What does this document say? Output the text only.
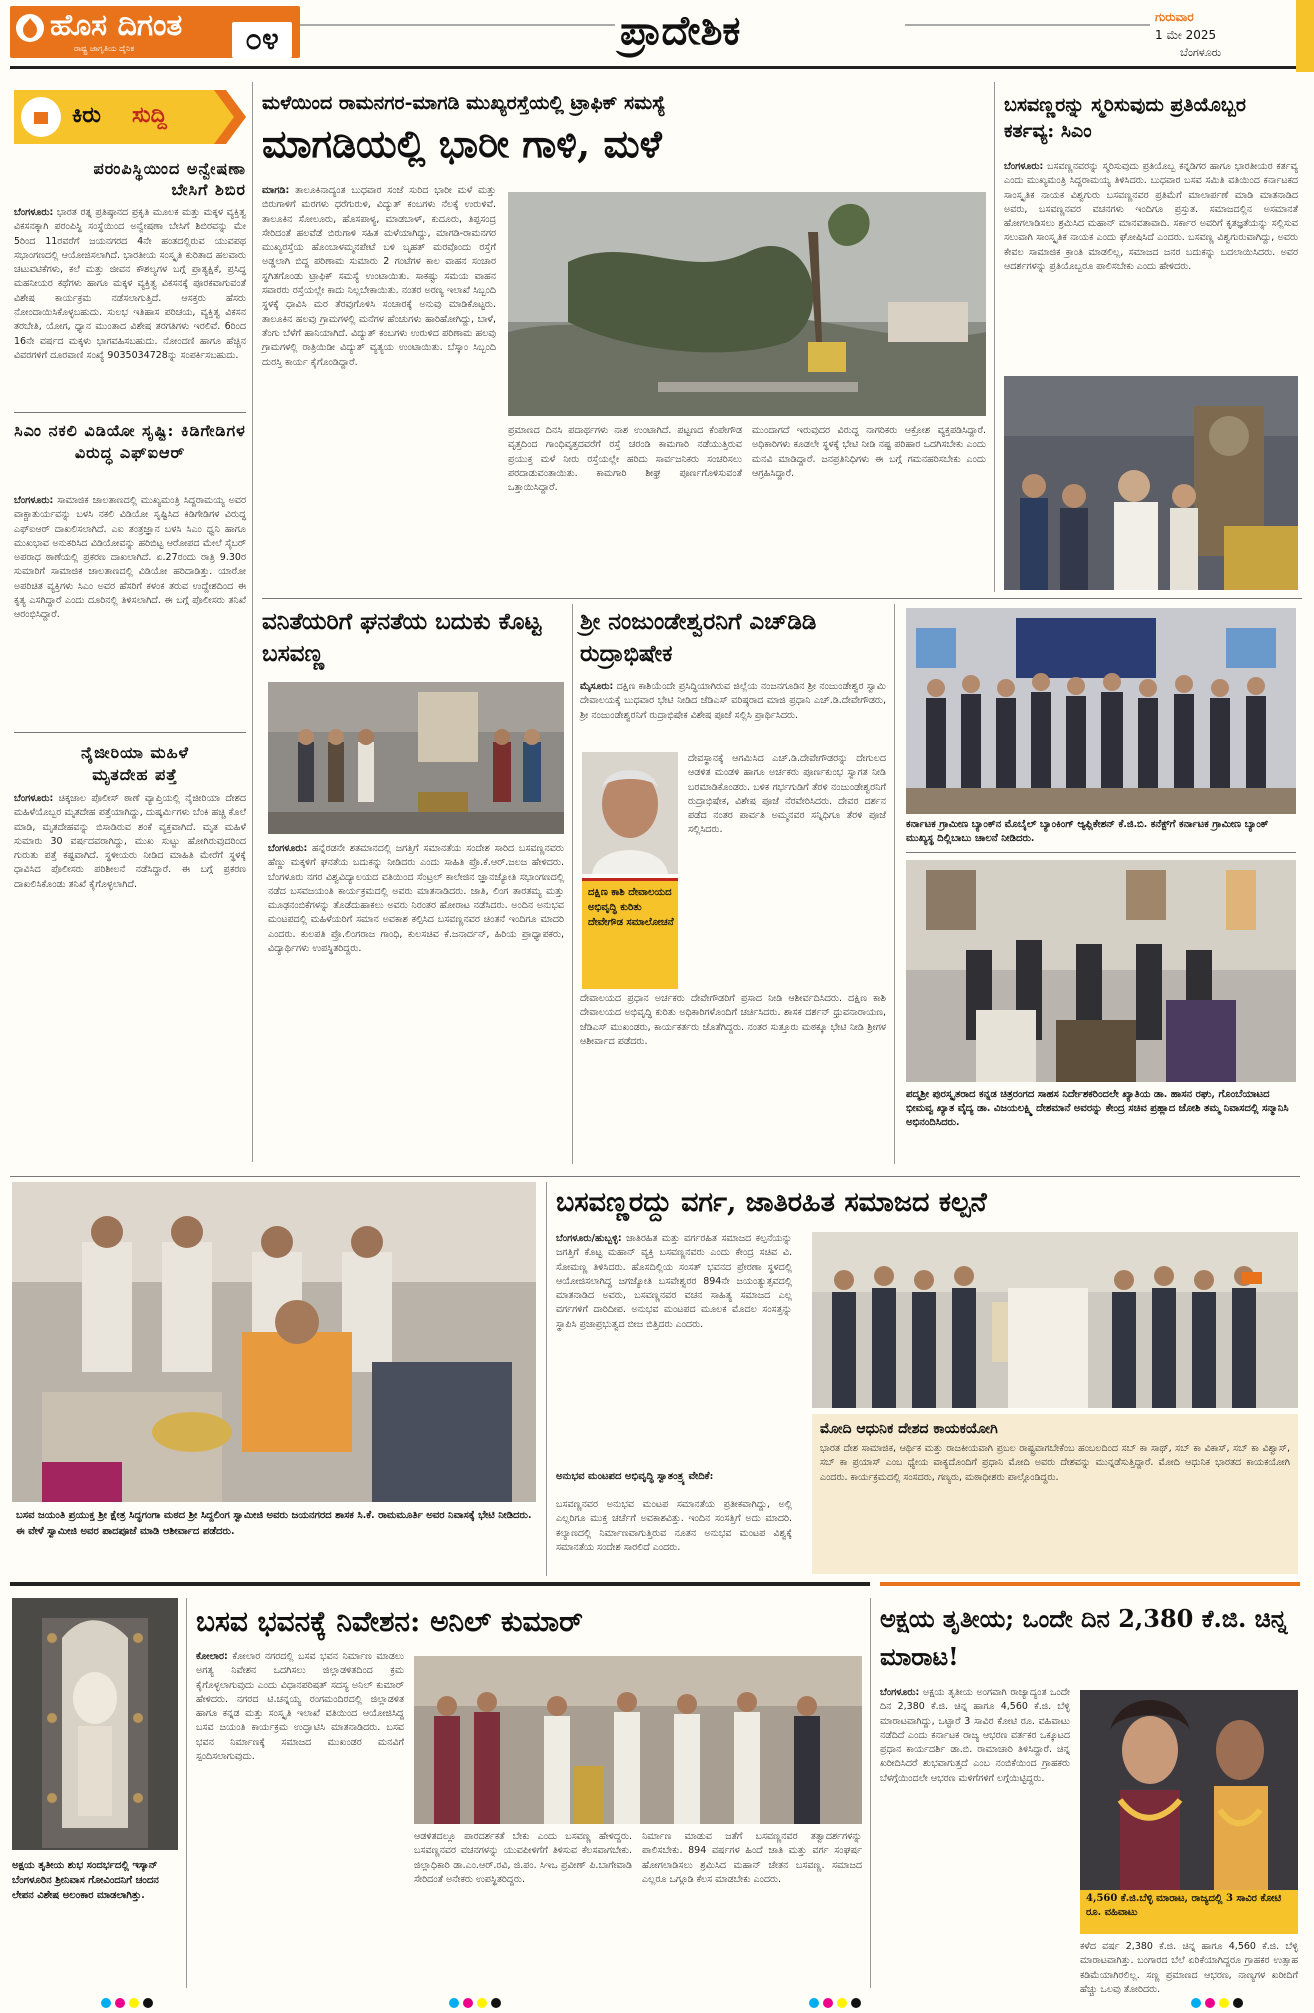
ಹೊಸ ದಿಗಂತ
ರಾಷ್ಟ್ರ ಜಾಗೃತಿಯ ದೈನಿಕ	೦೪	ಪ್ರಾದೇಶಿಕ	ಗುರುವಾರ
1 ಮೇ 2025
ಬೆಂಗಳೂರು
ಕಿರು ಸುದ್ದಿ
ಪರಂಪಿಸ್ಥಿಯಿಂದ ಅನ್ವೇಷಣಾ ಬೇಸಿಗೆ ಶಿಬಿರ
ಬೆಂಗಳೂರು: ಭಾರತ ರತ್ನ ಪ್ರತಿಷ್ಠಾನದ ಪ್ರಕೃತಿ ಮೂಲಕ ಮತ್ತು ಮಕ್ಕಳ ವ್ಯಕ್ತಿತ್ವ ವಿಕಸನಕ್ಕಾಗಿ ಪರಂಪಿಸ್ಥಿ ಸಂಸ್ಥೆಯಿಂದ ಅನ್ವೇಷಣಾ ಬೇಸಿಗೆ ಶಿಬಿರವನ್ನು ಮೇ 5ರಿಂದ 11ರವರೆಗೆ ಜಯನಗರದ 4ನೇ ಹಂತದಲ್ಲಿರುವ ಯುವಪಥ ಸಭಾಂಗಣದಲ್ಲಿ ಆಯೋಜಿಸಲಾಗಿದೆ. ಭಾರತೀಯ ಸಂಸ್ಕೃತಿ ಕುರಿತಾದ ಹಲವಾರು ಚಟುವಟಿಕೆಗಳು, ಕಲೆ ಮತ್ತು ಜೀವನ ಕೌಶಲ್ಯಗಳ ಬಗ್ಗೆ ಪ್ರಾತ್ಯಕ್ಷಿಕೆ, ಪ್ರಸಿದ್ಧ ಮಹನೀಯರ ಕಥೆಗಳು ಹಾಗೂ ಮಕ್ಕಳ ವ್ಯಕ್ತಿತ್ವ ವಿಕಸನಕ್ಕೆ ಪೂರಕವಾಗುವಂತೆ ವಿಶೇಷ ಕಾರ್ಯಕ್ರಮ ನಡೆಸಲಾಗುತ್ತಿದೆ. ಆಸಕ್ತರು ಹೆಸರು ನೋಂದಾಯಿಸಿಕೊಳ್ಳಬಹುದು. ಸುಲಭ ಇತಿಹಾಸ ಪರಿಚಯ, ವ್ಯಕ್ತಿತ್ವ ವಿಕಸನ ತರಬೇತಿ, ಯೋಗ, ಧ್ಯಾನ ಮುಂತಾದ ವಿಶೇಷ ತರಗತಿಗಳು ಇರಲಿವೆ. 6ರಿಂದ 16ನೇ ವರ್ಷದ ಮಕ್ಕಳು ಭಾಗವಹಿಸಬಹುದು. ನೋಂದಣಿ ಹಾಗೂ ಹೆಚ್ಚಿನ ವಿವರಗಳಿಗೆ ದೂರವಾಣಿ ಸಂಖ್ಯೆ 9035034728ನ್ನು ಸಂಪರ್ಕಿಸಬಹುದು.
ಸಿಎಂ ನಕಲಿ ವಿಡಿಯೋ ಸೃಷ್ಟಿ: ಕಿಡಿಗೇಡಿಗಳ ವಿರುದ್ಧ ಎಫ್‌ಐಆರ್
ಬೆಂಗಳೂರು: ಸಾಮಾಜಿಕ ಜಾಲತಾಣದಲ್ಲಿ ಮುಖ್ಯಮಂತ್ರಿ ಸಿದ್ದರಾಮಯ್ಯ ಅವರ ವಾಕ್ಚಾತುರ್ಯವನ್ನು ಬಳಸಿ ನಕಲಿ ವಿಡಿಯೋ ಸೃಷ್ಟಿಸಿದ ಕಿಡಿಗೇಡಿಗಳ ವಿರುದ್ಧ ಎಫ್‌ಐಆರ್ ದಾಖಲಿಸಲಾಗಿದೆ. ಎಐ ತಂತ್ರಜ್ಞಾನ ಬಳಸಿ ಸಿಎಂ ಧ್ವನಿ ಹಾಗೂ ಮುಖಭಾವ ಅನುಕರಿಸಿದ ವಿಡಿಯೋವನ್ನು ಹರಿಬಿಟ್ಟ ಆರೋಪದ ಮೇಲೆ ಸೈಬರ್ ಅಪರಾಧ ಠಾಣೆಯಲ್ಲಿ ಪ್ರಕರಣ ದಾಖಲಾಗಿದೆ. ಏ.27ರಂದು ರಾತ್ರಿ 9.30ರ ಸುಮಾರಿಗೆ ಸಾಮಾಜಿಕ ಜಾಲತಾಣದಲ್ಲಿ ವಿಡಿಯೋ ಹರಿದಾಡಿತ್ತು. ಯಾರೋ ಅಪರಿಚಿತ ವ್ಯಕ್ತಿಗಳು ಸಿಎಂ ಅವರ ಹೆಸರಿಗೆ ಕಳಂಕ ತರುವ ಉದ್ದೇಶದಿಂದ ಈ ಕೃತ್ಯ ಎಸಗಿದ್ದಾರೆ ಎಂದು ದೂರಿನಲ್ಲಿ ತಿಳಿಸಲಾಗಿದೆ. ಈ ಬಗ್ಗೆ ಪೊಲೀಸರು ತನಿಖೆ ಆರಂಭಿಸಿದ್ದಾರೆ.
ನೈಜೀರಿಯಾ ಮಹಿಳೆ ಮೃತದೇಹ ಪತ್ತೆ
ಬೆಂಗಳೂರು: ಚಿಕ್ಕಜಾಲ ಪೊಲೀಸ್ ಠಾಣೆ ವ್ಯಾಪ್ತಿಯಲ್ಲಿ ನೈಜೀರಿಯಾ ದೇಶದ ಮಹಿಳೆಯೊಬ್ಬರ ಮೃತದೇಹ ಪತ್ತೆಯಾಗಿದ್ದು, ದುಷ್ಕರ್ಮಿಗಳು ಬೆಂಕಿ ಹಚ್ಚಿ ಕೊಲೆ ಮಾಡಿ, ಮೃತದೇಹವನ್ನು ಬಿಸಾಡಿರುವ ಶಂಕೆ ವ್ಯಕ್ತವಾಗಿದೆ. ಮೃತ ಮಹಿಳೆ ಸುಮಾರು 30 ವರ್ಷದವರಾಗಿದ್ದು, ಮುಖ ಸುಟ್ಟು ಹೋಗಿರುವುದರಿಂದ ಗುರುತು ಪತ್ತೆ ಕಷ್ಟವಾಗಿದೆ. ಸ್ಥಳೀಯರು ನೀಡಿದ ಮಾಹಿತಿ ಮೇರೆಗೆ ಸ್ಥಳಕ್ಕೆ ಧಾವಿಸಿದ ಪೊಲೀಸರು ಪರಿಶೀಲನೆ ನಡೆಸಿದ್ದಾರೆ. ಈ ಬಗ್ಗೆ ಪ್ರಕರಣ ದಾಖಲಿಸಿಕೊಂಡು ತನಿಖೆ ಕೈಗೊಳ್ಳಲಾಗಿದೆ.
ಮಳೆಯಿಂದ ರಾಮನಗರ-ಮಾಗಡಿ ಮುಖ್ಯರಸ್ತೆಯಲ್ಲಿ ಟ್ರಾಫಿಕ್ ಸಮಸ್ಯೆ
ಮಾಗಡಿಯಲ್ಲಿ ಭಾರೀ ಗಾಳಿ, ಮಳೆ
ಮಾಗಡಿ: ತಾಲೂಕಿನಾದ್ಯಂತ ಬುಧವಾರ ಸಂಜೆ ಸುರಿದ ಭಾರೀ ಮಳೆ ಮತ್ತು ಬಿರುಗಾಳಿಗೆ ಮರಗಳು ಧರೆಗುರುಳಿ, ವಿದ್ಯುತ್ ಕಂಬಗಳು ನೆಲಕ್ಕೆ ಉರುಳಿವೆ. ತಾಲೂಕಿನ ಸೋಲೂರು, ಹೊಸಪಾಳ್ಯ, ಮಾಡಬಾಳ್, ಕುದೂರು, ತಿಪ್ಪಸಂದ್ರ ಸೇರಿದಂತೆ ಹಲವೆಡೆ ಬಿರುಗಾಳಿ ಸಹಿತ ಮಳೆಯಾಗಿದ್ದು, ಮಾಗಡಿ-ರಾಮನಗರ ಮುಖ್ಯರಸ್ತೆಯ ಹೊಂಬಾಳಮ್ಮನಪೇಟೆ ಬಳಿ ಬೃಹತ್ ಮರವೊಂದು ರಸ್ತೆಗೆ ಅಡ್ಡಲಾಗಿ ಬಿದ್ದ ಪರಿಣಾಮ ಸುಮಾರು 2 ಗಂಟೆಗಳ ಕಾಲ ವಾಹನ ಸಂಚಾರ ಸ್ಥಗಿತಗೊಂಡು ಟ್ರಾಫಿಕ್ ಸಮಸ್ಯೆ ಉಂಟಾಯಿತು. ಸಾಕಷ್ಟು ಸಮಯ ವಾಹನ ಸವಾರರು ರಸ್ತೆಯಲ್ಲೇ ಕಾದು ನಿಲ್ಲಬೇಕಾಯಿತು. ನಂತರ ಅರಣ್ಯ ಇಲಾಖೆ ಸಿಬ್ಬಂದಿ ಸ್ಥಳಕ್ಕೆ ಧಾವಿಸಿ ಮರ ತೆರವುಗೊಳಿಸಿ ಸಂಚಾರಕ್ಕೆ ಅನುವು ಮಾಡಿಕೊಟ್ಟರು. ತಾಲೂಕಿನ ಹಲವು ಗ್ರಾಮಗಳಲ್ಲಿ ಮನೆಗಳ ಹೆಂಚುಗಳು ಹಾರಿಹೋಗಿದ್ದು, ಬಾಳೆ, ತೆಂಗು ಬೆಳೆಗೆ ಹಾನಿಯಾಗಿದೆ. ವಿದ್ಯುತ್ ಕಂಬಗಳು ಉರುಳಿದ ಪರಿಣಾಮ ಹಲವು ಗ್ರಾಮಗಳಲ್ಲಿ ರಾತ್ರಿಯಿಡೀ ವಿದ್ಯುತ್ ವ್ಯತ್ಯಯ ಉಂಟಾಯಿತು. ಬೆಸ್ಕಾಂ ಸಿಬ್ಬಂದಿ ದುರಸ್ತಿ ಕಾರ್ಯ ಕೈಗೊಂಡಿದ್ದಾರೆ.
ಪ್ರಮಾಣದ ದಿನಸಿ ಪದಾರ್ಥಗಳು ನಾಶ ಉಂಟಾಗಿದೆ. ಪಟ್ಟಣದ ಕೆಂಪೇಗೌಡ ವೃತ್ತದಿಂದ ಗಾಂಧಿವೃತ್ತದವರೆಗೆ ರಸ್ತೆ ಚರಂಡಿ ಕಾಮಗಾರಿ ನಡೆಯುತ್ತಿರುವ ಪ್ರಯುಕ್ತ ಮಳೆ ನೀರು ರಸ್ತೆಯಲ್ಲೇ ಹರಿದು ಸಾರ್ವಜನಿಕರು ಸಂಚರಿಸಲು ಪರದಾಡುವಂತಾಯಿತು. ಕಾಮಗಾರಿ ಶೀಘ್ರ ಪೂರ್ಣಗೊಳಿಸುವಂತೆ ಒತ್ತಾಯಿಸಿದ್ದಾರೆ.
ಮುಂದಾಗದೆ ಇರುವುದರ ವಿರುದ್ಧ ನಾಗರಿಕರು ಆಕ್ರೋಶ ವ್ಯಕ್ತಪಡಿಸಿದ್ದಾರೆ. ಅಧಿಕಾರಿಗಳು ಕೂಡಲೇ ಸ್ಥಳಕ್ಕೆ ಭೇಟಿ ನೀಡಿ ನಷ್ಟ ಪರಿಹಾರ ಒದಗಿಸಬೇಕು ಎಂದು ಮನವಿ ಮಾಡಿದ್ದಾರೆ. ಜನಪ್ರತಿನಿಧಿಗಳು ಈ ಬಗ್ಗೆ ಗಮನಹರಿಸಬೇಕು ಎಂದು ಆಗ್ರಹಿಸಿದ್ದಾರೆ.
ಬಸವಣ್ಣರನ್ನು ಸ್ಮರಿಸುವುದು ಪ್ರತಿಯೊಬ್ಬರ ಕರ್ತವ್ಯ: ಸಿಎಂ
ಬೆಂಗಳೂರು: ಬಸವಣ್ಣನವರನ್ನು ಸ್ಮರಿಸುವುದು ಪ್ರತಿಯೊಬ್ಬ ಕನ್ನಡಿಗರ ಹಾಗೂ ಭಾರತೀಯರ ಕರ್ತವ್ಯ ಎಂದು ಮುಖ್ಯಮಂತ್ರಿ ಸಿದ್ದರಾಮಯ್ಯ ತಿಳಿಸಿದರು. ಬುಧವಾರ ಬಸವ ಸಮಿತಿ ವತಿಯಿಂದ ಕರ್ನಾಟಕದ ಸಾಂಸ್ಕೃತಿಕ ನಾಯಕ ವಿಶ್ವಗುರು ಬಸವಣ್ಣನವರ ಪ್ರತಿಮೆಗೆ ಮಾಲಾರ್ಪಣೆ ಮಾಡಿ ಮಾತನಾಡಿದ ಅವರು, ಬಸವಣ್ಣನವರ ವಚನಗಳು ಇಂದಿಗೂ ಪ್ರಸ್ತುತ. ಸಮಾಜದಲ್ಲಿನ ಅಸಮಾನತೆ ಹೋಗಲಾಡಿಸಲು ಶ್ರಮಿಸಿದ ಮಹಾನ್ ಮಾನವತಾವಾದಿ. ಸರ್ಕಾರ ಅವರಿಗೆ ಕೃತಜ್ಞತೆಯನ್ನು ಸಲ್ಲಿಸುವ ಸಲುವಾಗಿ ಸಾಂಸ್ಕೃತಿಕ ನಾಯಕ ಎಂದು ಘೋಷಿಸಿದೆ ಎಂದರು. ಬಸವಣ್ಣ ವಿಶ್ವಗುರುವಾಗಿದ್ದು, ಅವರು ಕೇವಲ ಸಾಮಾಜಿಕ ಕ್ರಾಂತಿ ಮಾಡಲಿಲ್ಲ, ಸಮಾಜದ ಜನರ ಬದುಕನ್ನು ಬದಲಾಯಿಸಿದರು. ಅವರ ಆದರ್ಶಗಳನ್ನು ಪ್ರತಿಯೊಬ್ಬರೂ ಪಾಲಿಸಬೇಕು ಎಂದು ಹೇಳಿದರು.
ವನಿತೆಯರಿಗೆ ಘನತೆಯ ಬದುಕು ಕೊಟ್ಟ ಬಸವಣ್ಣ
ಬೆಂಗಳೂರು: ಹನ್ನೆರಡನೇ ಶತಮಾನದಲ್ಲಿ ಜಗತ್ತಿಗೆ ಸಮಾನತೆಯ ಸಂದೇಶ ಸಾರಿದ ಬಸವಣ್ಣನವರು ಹೆಣ್ಣು ಮಕ್ಕಳಿಗೆ ಘನತೆಯ ಬದುಕನ್ನು ನೀಡಿದರು ಎಂದು ಸಾಹಿತಿ ಪ್ರೊ.ಕೆ.ಆರ್.ಜಲಜ ಹೇಳಿದರು. ಬೆಂಗಳೂರು ನಗರ ವಿಶ್ವವಿದ್ಯಾಲಯದ ವತಿಯಿಂದ ಸೆಂಟ್ರಲ್ ಕಾಲೇಜಿನ ಜ್ಞಾನಜ್ಯೋತಿ ಸಭಾಂಗಣದಲ್ಲಿ ನಡೆದ ಬಸವಜಯಂತಿ ಕಾರ್ಯಕ್ರಮದಲ್ಲಿ ಅವರು ಮಾತನಾಡಿದರು. ಜಾತಿ, ಲಿಂಗ ತಾರತಮ್ಯ ಮತ್ತು ಮೂಢನಂಬಿಕೆಗಳನ್ನು ತೊಡೆದುಹಾಕಲು ಅವರು ನಿರಂತರ ಹೋರಾಟ ನಡೆಸಿದರು. ಅಂದಿನ ಅನುಭವ ಮಂಟಪದಲ್ಲಿ ಮಹಿಳೆಯರಿಗೆ ಸಮಾನ ಅವಕಾಶ ಕಲ್ಪಿಸಿದ ಬಸವಣ್ಣನವರ ಚಿಂತನೆ ಇಂದಿಗೂ ಮಾದರಿ ಎಂದರು. ಕುಲಪತಿ ಪ್ರೊ.ಲಿಂಗರಾಜ ಗಾಂಧಿ, ಕುಲಸಚಿವ ಕೆ.ಜನಾರ್ದನ್, ಹಿರಿಯ ಪ್ರಾಧ್ಯಾಪಕರು, ವಿದ್ಯಾರ್ಥಿಗಳು ಉಪಸ್ಥಿತರಿದ್ದರು.
ಶ್ರೀ ನಂಜುಂಡೇಶ್ವರನಿಗೆ ಎಚ್‌ಡಿಡಿ ರುದ್ರಾಭಿಷೇಕ
ಮೈಸೂರು: ದಕ್ಷಿಣ ಕಾಶಿಯೆಂದೇ ಪ್ರಸಿದ್ಧಿಯಾಗಿರುವ ಜಿಲ್ಲೆಯ ನಂಜನಗೂಡಿನ ಶ್ರೀ ನಂಜುಂಡೇಶ್ವರ ಸ್ವಾಮಿ ದೇವಾಲಯಕ್ಕೆ ಬುಧವಾರ ಭೇಟಿ ನೀಡಿದ ಜೆಡಿಎಸ್ ವರಿಷ್ಠರಾದ ಮಾಜಿ ಪ್ರಧಾನಿ ಎಚ್.ಡಿ.ದೇವೇಗೌಡರು, ಶ್ರೀ ನಂಜುಂಡೇಶ್ವರನಿಗೆ ರುದ್ರಾಭಿಷೇಕ ವಿಶೇಷ ಪೂಜೆ ಸಲ್ಲಿಸಿ ಪ್ರಾರ್ಥಿಸಿದರು.
ದಕ್ಷಿಣ ಕಾಶಿ ದೇವಾಲಯದ ಅಭಿವೃದ್ಧಿ ಕುರಿತು ದೇವೇಗೌಡ ಸಮಾಲೋಚನೆ
ದೇವಸ್ಥಾನಕ್ಕೆ ಆಗಮಿಸಿದ ಎಚ್.ಡಿ.ದೇವೇಗೌಡರನ್ನು ದೇಗುಲದ ಆಡಳಿತ ಮಂಡಳಿ ಹಾಗೂ ಅರ್ಚಕರು ಪೂರ್ಣಕುಂಭ ಸ್ವಾಗತ ನೀಡಿ ಬರಮಾಡಿಕೊಂಡರು. ಬಳಿಕ ಗರ್ಭಗುಡಿಗೆ ತೆರಳಿ ನಂಜುಂಡೇಶ್ವರನಿಗೆ ರುದ್ರಾಭಿಷೇಕ, ವಿಶೇಷ ಪೂಜೆ ನೆರವೇರಿಸಿದರು. ದೇವರ ದರ್ಶನ ಪಡೆದ ನಂತರ ಪಾರ್ವತಿ ಅಮ್ಮನವರ ಸನ್ನಿಧಿಗೂ ತೆರಳಿ ಪೂಜೆ ಸಲ್ಲಿಸಿದರು.
ದೇವಾಲಯದ ಪ್ರಧಾನ ಅರ್ಚಕರು ದೇವೇಗೌಡರಿಗೆ ಪ್ರಸಾದ ನೀಡಿ ಆಶೀರ್ವದಿಸಿದರು. ದಕ್ಷಿಣ ಕಾಶಿ ದೇವಾಲಯದ ಅಭಿವೃದ್ಧಿ ಕುರಿತು ಅಧಿಕಾರಿಗಳೊಂದಿಗೆ ಚರ್ಚಿಸಿದರು. ಶಾಸಕ ದರ್ಶನ್ ಧ್ರುವನಾರಾಯಣ, ಜೆಡಿಎಸ್ ಮುಖಂಡರು, ಕಾರ್ಯಕರ್ತರು ಜೊತೆಗಿದ್ದರು. ನಂತರ ಸುತ್ತೂರು ಮಠಕ್ಕೂ ಭೇಟಿ ನೀಡಿ ಶ್ರೀಗಳ ಆಶೀರ್ವಾದ ಪಡೆದರು.
ಕರ್ನಾಟಕ ಗ್ರಾಮೀಣ ಬ್ಯಾಂಕ್‌ನ ಮೊಬೈಲ್ ಬ್ಯಾಂಕಿಂಗ್ ಆ್ಯಪ್ಲಿಕೇಶನ್ ಕೆ.ಜಿ.ಬಿ. ಕನೆಕ್ಟ್‌ಗೆ ಕರ್ನಾಟಕ ಗ್ರಾಮೀಣ ಬ್ಯಾಂಕ್ ಮುಖ್ಯಸ್ಥ ದಿಲ್ಲಿಬಾಬು ಚಾಲನೆ ನೀಡಿದರು.
ಪದ್ಮಶ್ರೀ ಪುರಸ್ಕೃತರಾದ ಕನ್ನಡ ಚಿತ್ರರಂಗದ ಸಾಹಸ ನಿರ್ದೇಶಕರಿಂದಲೇ ಖ್ಯಾತಿಯ ಡಾ. ಹಾಸನ ರಘು, ಗೊಂಬೆಯಾಟದ ಭೀಮವ್ವ ಖ್ಯಾತ ವೈದ್ಯ ಡಾ. ವಿಜಯಲಕ್ಷ್ಮಿ ದೇಶಮಾನೆ ಅವರನ್ನು ಕೇಂದ್ರ ಸಚಿವ ಪ್ರಹ್ಲಾದ ಜೋಶಿ ತಮ್ಮ ನಿವಾಸದಲ್ಲಿ ಸನ್ಮಾನಿಸಿ ಅಭಿನಂದಿಸಿದರು.
ಬಸವ ಜಯಂತಿ ಪ್ರಯುಕ್ತ ಶ್ರೀ ಕ್ಷೇತ್ರ ಸಿದ್ಧಗಂಗಾ ಮಠದ ಶ್ರೀ ಸಿದ್ದಲಿಂಗ ಸ್ವಾಮೀಜಿ ಅವರು ಜಯನಗರದ ಶಾಸಕ ಸಿ.ಕೆ. ರಾಮಮೂರ್ತಿ ಅವರ ನಿವಾಸಕ್ಕೆ ಭೇಟಿ ನೀಡಿದರು. ಈ ವೇಳೆ ಸ್ವಾಮೀಜಿ ಅವರ ಪಾದಪೂಜೆ ಮಾಡಿ ಆಶೀರ್ವಾದ ಪಡೆದರು.
ಬಸವಣ್ಣರದ್ದು ವರ್ಗ, ಜಾತಿರಹಿತ ಸಮಾಜದ ಕಲ್ಪನೆ
ಬೆಂಗಳೂರು/ಹುಬ್ಬಳ್ಳಿ: ಜಾತಿರಹಿತ ಮತ್ತು ವರ್ಗರಹಿತ ಸಮಾಜದ ಕಲ್ಪನೆಯನ್ನು ಜಗತ್ತಿಗೆ ಕೊಟ್ಟ ಮಹಾನ್ ವ್ಯಕ್ತಿ ಬಸವಣ್ಣನವರು ಎಂದು ಕೇಂದ್ರ ಸಚಿವ ವಿ. ಸೋಮಣ್ಣ ತಿಳಿಸಿದರು. ಹೊಸದಿಲ್ಲಿಯ ಸಂಸತ್ ಭವನದ ಪ್ರೇರಣಾ ಸ್ಥಳದಲ್ಲಿ ಆಯೋಜಿಸಲಾಗಿದ್ದ ಜಗಜ್ಯೋತಿ ಬಸವೇಶ್ವರರ 894ನೇ ಜಯಂತ್ಯುತ್ಸವದಲ್ಲಿ ಮಾತನಾಡಿದ ಅವರು, ಬಸವಣ್ಣನವರ ವಚನ ಸಾಹಿತ್ಯ ಸಮಾಜದ ಎಲ್ಲ ವರ್ಗಗಳಿಗೆ ದಾರಿದೀಪ. ಅನುಭವ ಮಂಟಪದ ಮೂಲಕ ಮೊದಲ ಸಂಸತ್ತನ್ನು ಸ್ಥಾಪಿಸಿ ಪ್ರಜಾಪ್ರಭುತ್ವದ ಬೀಜ ಬಿತ್ತಿದರು ಎಂದರು.
ಅನುಭವ ಮಂಟಪದ ಅಭಿವೃದ್ಧಿ ಸ್ವಾತಂತ್ರ್ಯ ವೇದಿಕೆ:
ಬಸವಣ್ಣನವರ ಅನುಭವ ಮಂಟಪ ಸಮಾನತೆಯ ಪ್ರತೀಕವಾಗಿದ್ದು, ಅಲ್ಲಿ ಎಲ್ಲರಿಗೂ ಮುಕ್ತ ಚರ್ಚೆಗೆ ಅವಕಾಶವಿತ್ತು. ಇಂದಿನ ಸಂಸತ್ತಿಗೆ ಅದು ಮಾದರಿ. ಕಲ್ಯಾಣದಲ್ಲಿ ನಿರ್ಮಾಣವಾಗುತ್ತಿರುವ ನೂತನ ಅನುಭವ ಮಂಟಪ ವಿಶ್ವಕ್ಕೆ ಸಮಾನತೆಯ ಸಂದೇಶ ಸಾರಲಿದೆ ಎಂದರು.
ಮೋದಿ ಆಧುನಿಕ ದೇಶದ ಕಾಯಕಯೋಗಿ
ಭಾರತ ದೇಶ ಸಾಮಾಜಿಕ, ಆರ್ಥಿಕ ಮತ್ತು ರಾಜಕೀಯವಾಗಿ ಪ್ರಬಲ ರಾಷ್ಟ್ರವಾಗಬೇಕೆಂಬ ಹಂಬಲದಿಂದ ಸಬ್ ಕಾ ಸಾಥ್, ಸಬ್ ಕಾ ವಿಕಾಸ್, ಸಬ್ ಕಾ ವಿಶ್ವಾಸ್, ಸಬ್ ಕಾ ಪ್ರಯಾಸ್ ಎಂಬ ಧ್ಯೇಯ ವಾಕ್ಯದೊಂದಿಗೆ ಪ್ರಧಾನಿ ಮೋದಿ ಅವರು ದೇಶವನ್ನು ಮುನ್ನಡೆಸುತ್ತಿದ್ದಾರೆ. ಮೋದಿ ಆಧುನಿಕ ಭಾರತದ ಕಾಯಕಯೋಗಿ ಎಂದರು. ಕಾರ್ಯಕ್ರಮದಲ್ಲಿ ಸಂಸದರು, ಗಣ್ಯರು, ಮಠಾಧೀಶರು ಪಾಲ್ಗೊಂಡಿದ್ದರು.
ಅಕ್ಷಯ ತೃತೀಯ ಶುಭ ಸಂದರ್ಭದಲ್ಲಿ ಇಸ್ಕಾನ್ ಬೆಂಗಳೂರಿನ ಶ್ರೀನಿವಾಸ ಗೋವಿಂದನಿಗೆ ಚಂದನ ಲೇಪನ ವಿಶೇಷ ಅಲಂಕಾರ ಮಾಡಲಾಗಿತ್ತು.
ಬಸವ ಭವನಕ್ಕೆ ನಿವೇಶನ: ಅನಿಲ್ ಕುಮಾರ್
ಕೋಲಾರ: ಕೋಲಾರ ನಗರದಲ್ಲಿ ಬಸವ ಭವನ ನಿರ್ಮಾಣ ಮಾಡಲು ಅಗತ್ಯ ನಿವೇಶನ ಒದಗಿಸಲು ಜಿಲ್ಲಾಡಳಿತದಿಂದ ಕ್ರಮ ಕೈಗೊಳ್ಳಲಾಗುವುದು ಎಂದು ವಿಧಾನಪರಿಷತ್ ಸದಸ್ಯ ಅನಿಲ್ ಕುಮಾರ್ ಹೇಳಿದರು. ನಗರದ ಟಿ.ಚನ್ನಯ್ಯ ರಂಗಮಂದಿರದಲ್ಲಿ ಜಿಲ್ಲಾಡಳಿತ ಹಾಗೂ ಕನ್ನಡ ಮತ್ತು ಸಂಸ್ಕೃತಿ ಇಲಾಖೆ ವತಿಯಿಂದ ಆಯೋಜಿಸಿದ್ದ ಬಸವ ಜಯಂತಿ ಕಾರ್ಯಕ್ರಮ ಉದ್ಘಾಟಿಸಿ ಮಾತನಾಡಿದರು. ಬಸವ ಭವನ ನಿರ್ಮಾಣಕ್ಕೆ ಸಮಾಜದ ಮುಖಂಡರ ಮನವಿಗೆ ಸ್ಪಂದಿಸಲಾಗುವುದು.
ಆಡಳಿತದಲ್ಲೂ ಪಾರದರ್ಶಕತೆ ಬೇಕು ಎಂದು ಬಸವಣ್ಣ ಹೇಳಿದ್ದರು. ಬಸವಣ್ಣನವರ ವಚನಗಳನ್ನು ಯುವಪೀಳಿಗೆಗೆ ತಿಳಿಸುವ ಕೆಲಸವಾಗಬೇಕು. ಜಿಲ್ಲಾಧಿಕಾರಿ ಡಾ.ಎಂ.ಆರ್.ರವಿ, ಜಿ.ಪಂ. ಸಿಇಒ ಪ್ರವೀಣ್ ಪಿ.ಬಾಗೇವಾಡಿ ಸೇರಿದಂತೆ ಅನೇಕರು ಉಪಸ್ಥಿತರಿದ್ದರು.
ನಿರ್ಮಾಣ ಮಾಡುವ ಜತೆಗೆ ಬಸವಣ್ಣನವರ ತತ್ವಾದರ್ಶಗಳನ್ನು ಪಾಲಿಸಬೇಕು. 894 ವರ್ಷಗಳ ಹಿಂದೆ ಜಾತಿ ಮತ್ತು ವರ್ಗ ಸಂಘರ್ಷ ಹೋಗಲಾಡಿಸಲು ಶ್ರಮಿಸಿದ ಮಹಾನ್ ಚೇತನ ಬಸವಣ್ಣ. ಸಮಾಜದ ಎಲ್ಲರೂ ಒಗ್ಗೂಡಿ ಕೆಲಸ ಮಾಡಬೇಕು ಎಂದರು.
ಅಕ್ಷಯ ತೃತೀಯ; ಒಂದೇ ದಿನ 2,380 ಕೆ.ಜಿ. ಚಿನ್ನ ಮಾರಾಟ!
ಬೆಂಗಳೂರು: ಅಕ್ಷಯ ತೃತೀಯ ಅಂಗವಾಗಿ ರಾಜ್ಯಾದ್ಯಂತ ಒಂದೇ ದಿನ 2,380 ಕೆ.ಜಿ. ಚಿನ್ನ ಹಾಗೂ 4,560 ಕೆ.ಜಿ. ಬೆಳ್ಳಿ ಮಾರಾಟವಾಗಿದ್ದು, ಒಟ್ಟಾರೆ 3 ಸಾವಿರ ಕೋಟಿ ರೂ. ವಹಿವಾಟು ನಡೆದಿದೆ ಎಂದು ಕರ್ನಾಟಕ ರಾಜ್ಯ ಆಭರಣ ವರ್ತಕರ ಒಕ್ಕೂಟದ ಪ್ರಧಾನ ಕಾರ್ಯದರ್ಶಿ ಡಾ.ಬಿ. ರಾಮಾಚಾರಿ ತಿಳಿಸಿದ್ದಾರೆ. ಚಿನ್ನ ಖರೀದಿಸಿದರೆ ಶುಭವಾಗುತ್ತದೆ ಎಂಬ ನಂಬಿಕೆಯಿಂದ ಗ್ರಾಹಕರು ಬೆಳಗ್ಗೆಯಿಂದಲೇ ಆಭರಣ ಮಳಿಗೆಗಳಿಗೆ ಲಗ್ಗೆಯಿಟ್ಟಿದ್ದರು.
4,560 ಕೆ.ಜಿ.ಬೆಳ್ಳಿ ಮಾರಾಟ, ರಾಜ್ಯದಲ್ಲಿ 3 ಸಾವಿರ ಕೋಟಿ ರೂ. ವಹಿವಾಟು
ಕಳೆದ ವರ್ಷ 2,380 ಕೆ.ಜಿ. ಚಿನ್ನ ಹಾಗೂ 4,560 ಕೆ.ಜಿ. ಬೆಳ್ಳಿ ಮಾರಾಟವಾಗಿತ್ತು. ಬಂಗಾರದ ಬೆಲೆ ಏರಿಕೆಯಾಗಿದ್ದರೂ ಗ್ರಾಹಕರ ಉತ್ಸಾಹ ಕಡಿಮೆಯಾಗಿರಲಿಲ್ಲ. ಸಣ್ಣ ಪ್ರಮಾಣದ ಆಭರಣ, ನಾಣ್ಯಗಳ ಖರೀದಿಗೆ ಹೆಚ್ಚು ಒಲವು ತೋರಿದರು.
